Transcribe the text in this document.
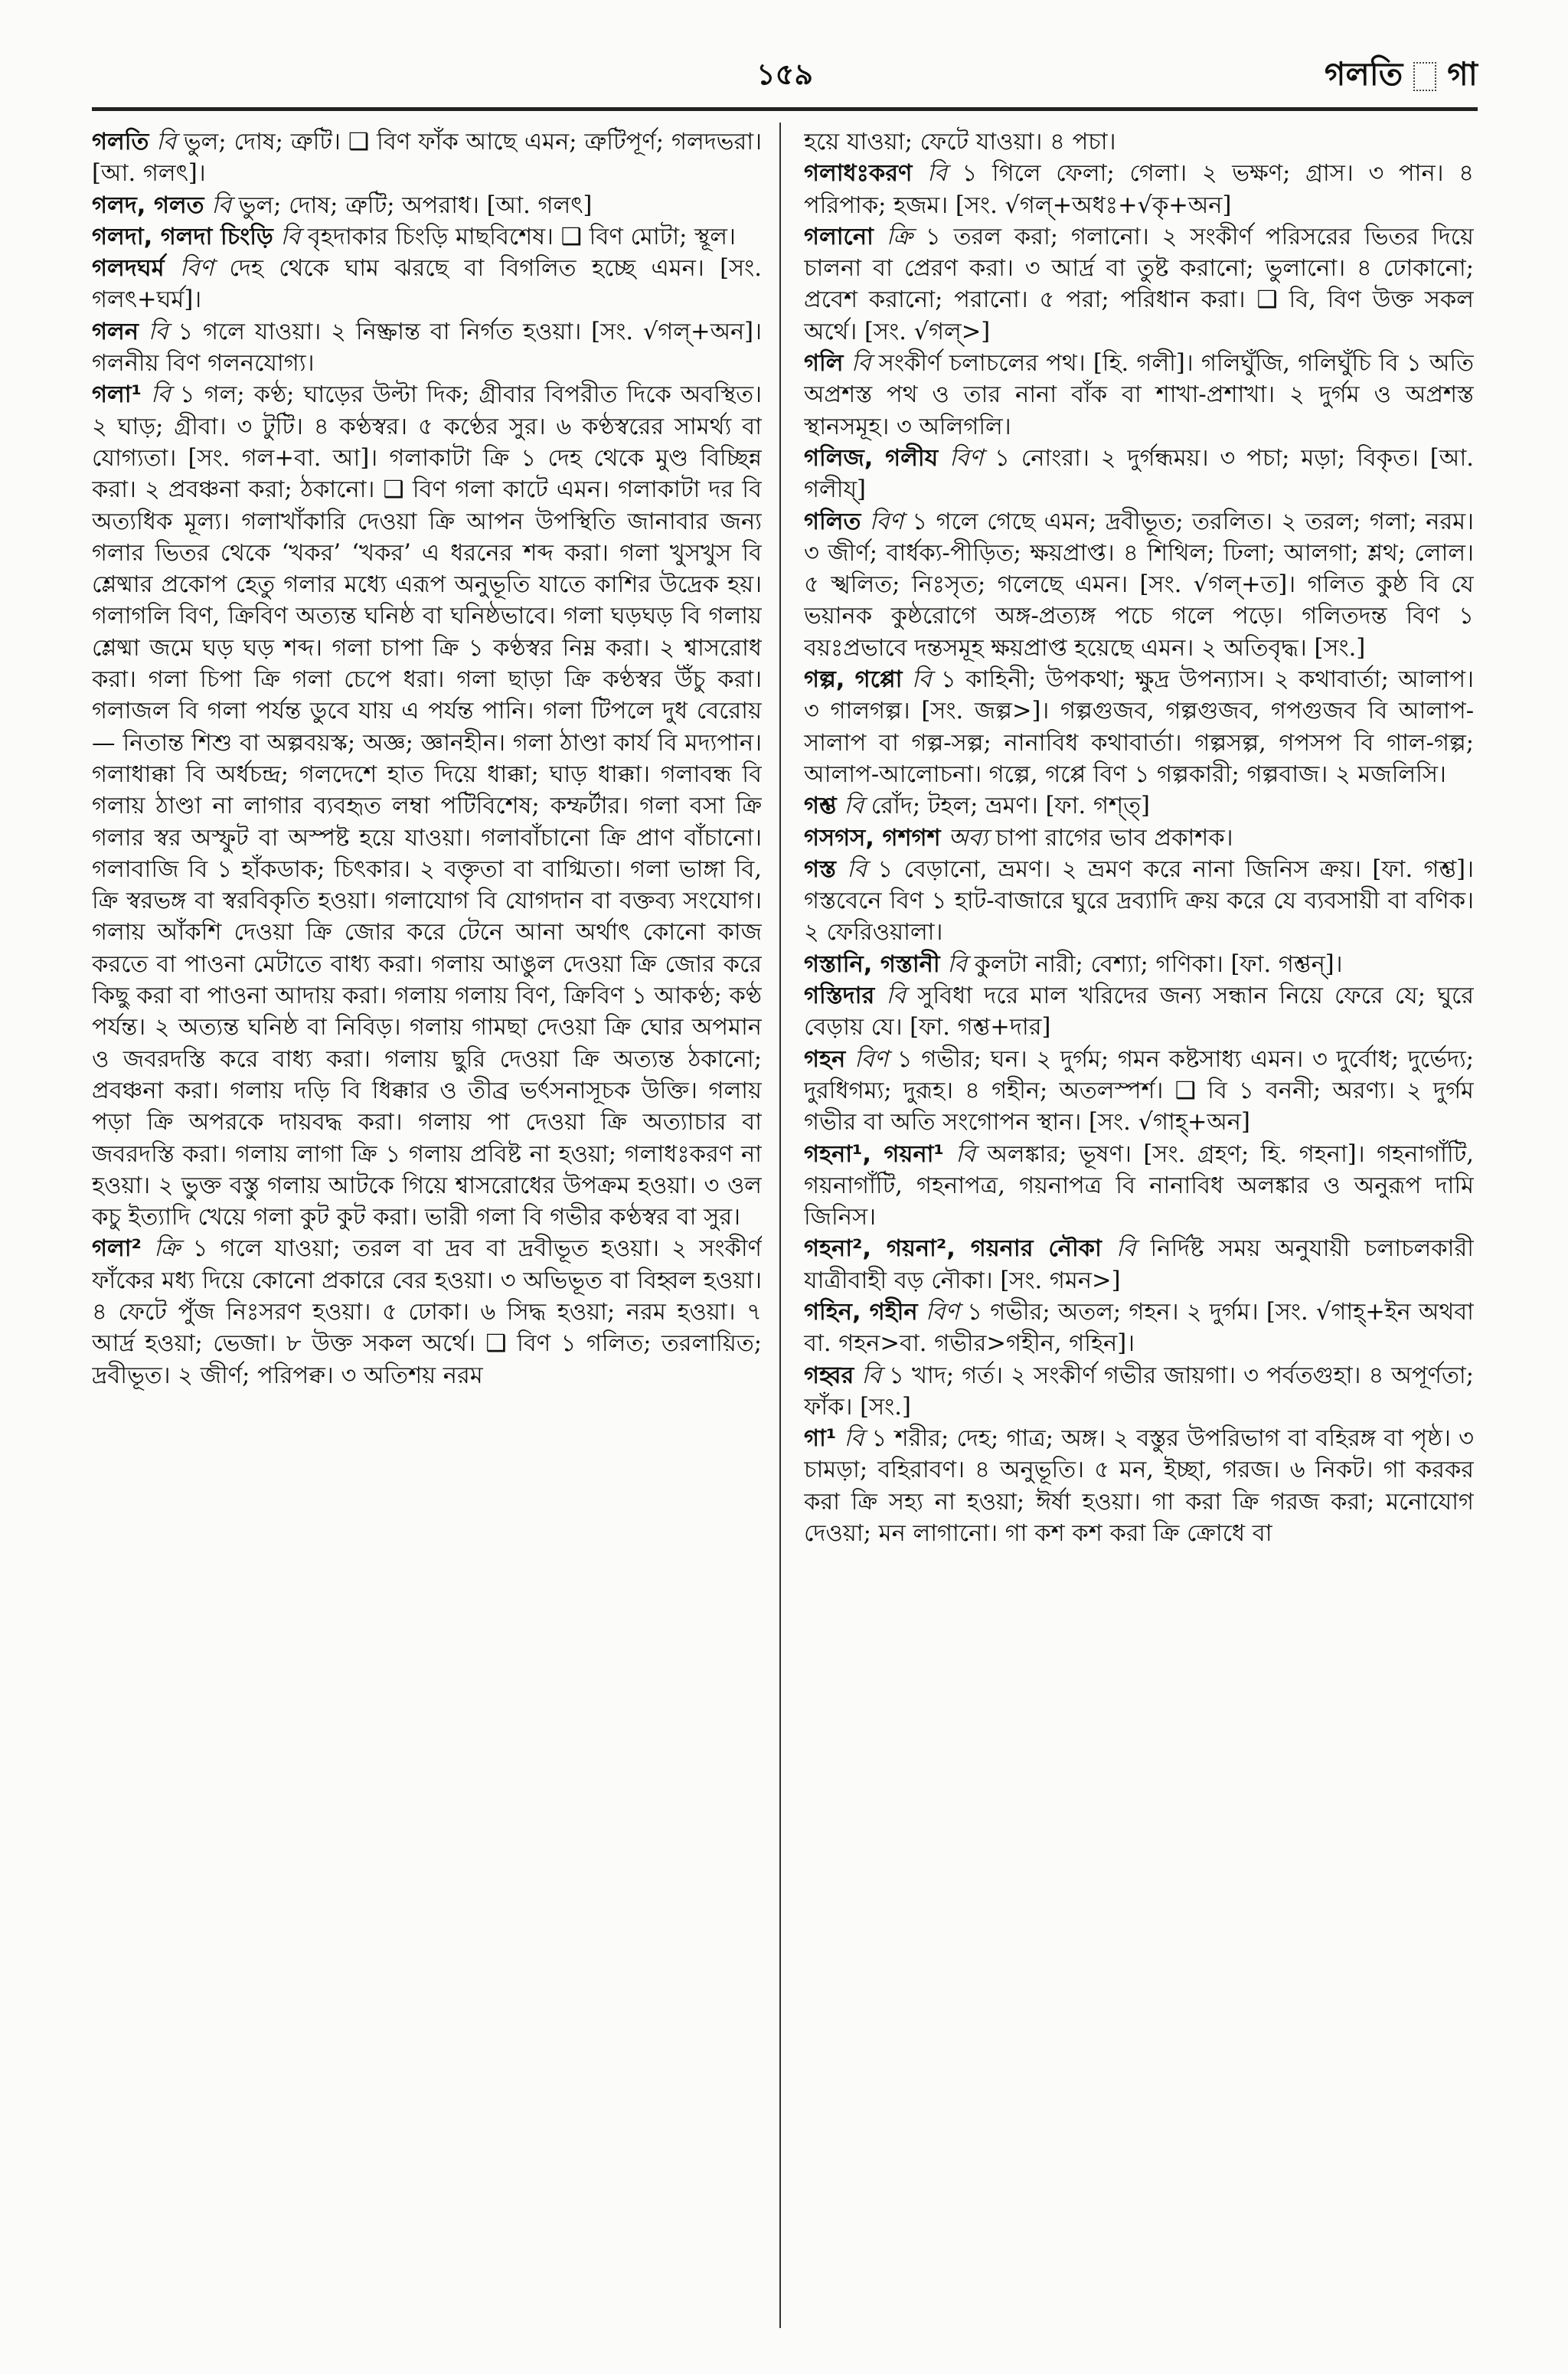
১৫৯	গলতি গা

গলতি বি ভুল; দোষ; ত্রুটি। ❑ বিণ ফাঁক আছে এমন; ত্রুটিপূর্ণ; গলদভরা। [আ. গলৎ]।

গলদ, গলত বি ভুল; দোষ; ত্রুটি; অপরাধ। [আ. গলৎ]

গলদা, গলদা চিংড়ি বি বৃহদাকার চিংড়ি মাছবিশেষ। ❑ বিণ মোটা; স্থূল।

গলদঘর্ম বিণ দেহ থেকে ঘাম ঝরছে বা বিগলিত হচ্ছে এমন। [সং. গলৎ+ঘর্ম]।

গলন বি ১ গলে যাওয়া। ২ নিষ্ক্রান্ত বা নির্গত হওয়া। [সং. √গল্+অন]। গলনীয় বিণ গলনযোগ্য।

গলা¹ বি ১ গল; কণ্ঠ; ঘাড়ের উল্টা দিক; গ্রীবার বিপরীত দিকে অবস্থিত। ২ ঘাড়; গ্রীবা। ৩ টুটি। ৪ কণ্ঠস্বর। ৫ কণ্ঠের সুর। ৬ কণ্ঠস্বরের সামর্থ্য বা যোগ্যতা। [সং. গল+বা. আ]। গলাকাটা ক্রি ১ দেহ থেকে মুণ্ড বিচ্ছিন্ন করা। ২ প্রবঞ্চনা করা; ঠকানো। ❑ বিণ গলা কাটে এমন। গলাকাটা দর বি অত্যধিক মূল্য। গলাখাঁকারি দেওয়া ক্রি আপন উপস্থিতি জানাবার জন্য গলার ভিতর থেকে ‘খকর’ ‘খকর’ এ ধরনের শব্দ করা। গলা খুসখুস বি শ্লেষ্মার প্রকোপ হেতু গলার মধ্যে এরূপ অনুভূতি যাতে কাশির উদ্রেক হয়। গলাগলি বিণ, ক্রিবিণ অত্যন্ত ঘনিষ্ঠ বা ঘনিষ্ঠভাবে। গলা ঘড়ঘড় বি গলায় শ্লেষ্মা জমে ঘড় ঘড় শব্দ। গলা চাপা ক্রি ১ কণ্ঠস্বর নিম্ন করা। ২ শ্বাসরোধ করা। গলা চিপা ক্রি গলা চেপে ধরা। গলা ছাড়া ক্রি কণ্ঠস্বর উঁচু করা। গলাজল বি গলা পর্যন্ত ডুবে যায় এ পর্যন্ত পানি। গলা টিপলে দুধ বেরোয়— নিতান্ত শিশু বা অল্পবয়স্ক; অজ্ঞ; জ্ঞানহীন। গলা ঠাণ্ডা কার্য বি মদ্যপান। গলাধাক্কা বি অর্ধচন্দ্র; গলদেশে হাত দিয়ে ধাক্কা; ঘাড় ধাক্কা। গলাবন্ধ বি গলায় ঠাণ্ডা না লাগার ব্যবহৃত লম্বা পটিবিশেষ; কম্ফর্টার। গলা বসা ক্রি গলার স্বর অস্ফুট বা অস্পষ্ট হয়ে যাওয়া। গলাবাঁচানো ক্রি প্রাণ বাঁচানো। গলাবাজি বি ১ হাঁকডাক; চিৎকার। ২ বক্তৃতা বা বাগ্মিতা। গলা ভাঙ্গা বি, ক্রি স্বরভঙ্গ বা স্বরবিকৃতি হওয়া। গলাযোগ বি যোগদান বা বক্তব্য সংযোগ। গলায় আঁকশি দেওয়া ক্রি জোর করে টেনে আনা অর্থাৎ কোনো কাজ করতে বা পাওনা মেটাতে বাধ্য করা। গলায় আঙুল দেওয়া ক্রি জোর করে কিছু করা বা পাওনা আদায় করা। গলায় গলায় বিণ, ক্রিবিণ ১ আকণ্ঠ; কণ্ঠ পর্যন্ত। ২ অত্যন্ত ঘনিষ্ঠ বা নিবিড়। গলায় গামছা দেওয়া ক্রি ঘোর অপমান ও জবরদস্তি করে বাধ্য করা। গলায় ছুরি দেওয়া ক্রি অত্যন্ত ঠকানো; প্রবঞ্চনা করা। গলায় দড়ি বি ধিক্কার ও তীব্র ভর্ৎসনাসূচক উক্তি। গলায় পড়া ক্রি অপরকে দায়বদ্ধ করা। গলায় পা দেওয়া ক্রি অত্যাচার বা জবরদস্তি করা। গলায় লাগা ক্রি ১ গলায় প্রবিষ্ট না হওয়া; গলাধঃকরণ না হওয়া। ২ ভুক্ত বস্তু গলায় আটকে গিয়ে শ্বাসরোধের উপক্রম হওয়া। ৩ ওল কচু ইত্যাদি খেয়ে গলা কুট কুট করা। ভারী গলা বি গভীর কণ্ঠস্বর বা সুর।

গলা² ক্রি ১ গলে যাওয়া; তরল বা দ্রব বা দ্রবীভূত হওয়া। ২ সংকীর্ণ ফাঁকের মধ্য দিয়ে কোনো প্রকারে বের হওয়া। ৩ অভিভূত বা বিহ্বল হওয়া। ৪ ফেটে পুঁজ নিঃসরণ হওয়া। ৫ ঢোকা। ৬ সিদ্ধ হওয়া; নরম হওয়া। ৭ আর্দ্র হওয়া; ভেজা। ৮ উক্ত সকল অর্থে। ❑ বিণ ১ গলিত; তরলায়িত; দ্রবীভূত। ২ জীর্ণ; পরিপক্ব। ৩ অতিশয় নরম

হয়ে যাওয়া; ফেটে যাওয়া। ৪ পচা।

গলাধঃকরণ বি ১ গিলে ফেলা; গেলা। ২ ভক্ষণ; গ্রাস। ৩ পান। ৪ পরিপাক; হজম। [সং. √গল্+অধঃ+√কৃ+অন]

গলানো ক্রি ১ তরল করা; গলানো। ২ সংকীর্ণ পরিসরের ভিতর দিয়ে চালনা বা প্রেরণ করা। ৩ আর্দ্র বা তুষ্ট করানো; ভুলানো। ৪ ঢোকানো; প্রবেশ করানো; পরানো। ৫ পরা; পরিধান করা। ❑ বি, বিণ উক্ত সকল অর্থে। [সং. √গল্>]

গলি বি সংকীর্ণ চলাচলের পথ। [হি. গলী]। গলিঘুঁজি, গলিঘুঁচি বি ১ অতি অপ্রশস্ত পথ ও তার নানা বাঁক বা শাখা-প্রশাখা। ২ দুর্গম ও অপ্রশস্ত স্থানসমূহ। ৩ অলিগলি।

গলিজ, গলীয বিণ ১ নোংরা। ২ দুর্গন্ধময়। ৩ পচা; মড়া; বিকৃত। [আ. গলীয্]

গলিত বিণ ১ গলে গেছে এমন; দ্রবীভূত; তরলিত। ২ তরল; গলা; নরম। ৩ জীর্ণ; বার্ধক্য-পীড়িত; ক্ষয়প্রাপ্ত। ৪ শিথিল; ঢিলা; আলগা; শ্লথ; লোল। ৫ স্খলিত; নিঃসৃত; গলেছে এমন। [সং. √গল্+ত]। গলিত কুষ্ঠ বি যে ভয়ানক কুষ্ঠরোগে অঙ্গ-প্রত্যঙ্গ পচে গলে পড়ে। গলিতদন্ত বিণ ১ বয়ঃপ্রভাবে দন্তসমূহ ক্ষয়প্রাপ্ত হয়েছে এমন। ২ অতিবৃদ্ধ। [সং.]

গল্প, গপ্পো বি ১ কাহিনী; উপকথা; ক্ষুদ্র উপন্যাস। ২ কথাবার্তা; আলাপ। ৩ গালগল্প। [সং. জল্প>]। গল্পগুজব, গল্পগুজব, গপগুজব বি আলাপ-সালাপ বা গল্প-সল্প; নানাবিধ কথাবার্তা। গল্পসল্প, গপসপ বি গাল-গল্প; আলাপ-আলোচনা। গল্পে, গপ্পে বিণ ১ গল্পকারী; গল্পবাজ। ২ মজলিসি।

গশ্ত বি রোঁদ; টহল; ভ্রমণ। [ফা. গশ্ত্]

গসগস, গশগশ অব্য চাপা রাগের ভাব প্রকাশক।

গস্ত বি ১ বেড়ানো, ভ্রমণ। ২ ভ্রমণ করে নানা জিনিস ক্রয়। [ফা. গশ্ত]। গস্তবেনে বিণ ১ হাট-বাজারে ঘুরে দ্রব্যাদি ক্রয় করে যে ব্যবসায়ী বা বণিক। ২ ফেরিওয়ালা।

গস্তানি, গস্তানী বি কুলটা নারী; বেশ্যা; গণিকা। [ফা. গশ্তন্]।

গস্তিদার বি সুবিধা দরে মাল খরিদের জন্য সন্ধান নিয়ে ফেরে যে; ঘুরে বেড়ায় যে। [ফা. গশ্ত+দার]

গহন বিণ ১ গভীর; ঘন। ২ দুর্গম; গমন কষ্টসাধ্য এমন। ৩ দুর্বোধ; দুর্ভেদ্য; দুরধিগম্য; দুরূহ। ৪ গহীন; অতলস্পর্শ। ❑ বি ১ বননী; অরণ্য। ২ দুর্গম গভীর বা অতি সংগোপন স্থান। [সং. √গাহ্+অন]

গহনা¹, গয়না¹ বি অলঙ্কার; ভূষণ। [সং. গ্রহণ; হি. গহনা]। গহনাগাঁটি, গয়নাগাঁটি, গহনাপত্র, গয়নাপত্র বি নানাবিধ অলঙ্কার ও অনুরূপ দামি জিনিস।

গহনা², গয়না², গয়নার নৌকা বি নির্দিষ্ট সময় অনুযায়ী চলাচলকারী যাত্রীবাহী বড় নৌকা। [সং. গমন>]

গহিন, গহীন বিণ ১ গভীর; অতল; গহন। ২ দুর্গম। [সং. √গাহ্+ইন অথবা বা. গহন>বা. গভীর>গহীন, গহিন]।

গহ্বর বি ১ খাদ; গর্ত। ২ সংকীর্ণ গভীর জায়গা। ৩ পর্বতগুহা। ৪ অপূর্ণতা; ফাঁক। [সং.]

গা¹ বি ১ শরীর; দেহ; গাত্র; অঙ্গ। ২ বস্তুর উপরিভাগ বা বহিরঙ্গ বা পৃষ্ঠ। ৩ চামড়া; বহিরাবণ। ৪ অনুভূতি। ৫ মন, ইচ্ছা, গরজ। ৬ নিকট। গা করকর করা ক্রি সহ্য না হওয়া; ঈর্ষা হওয়া। গা করা ক্রি গরজ করা; মনোযোগ দেওয়া; মন লাগানো। গা কশ কশ করা ক্রি ক্রোধে বা
